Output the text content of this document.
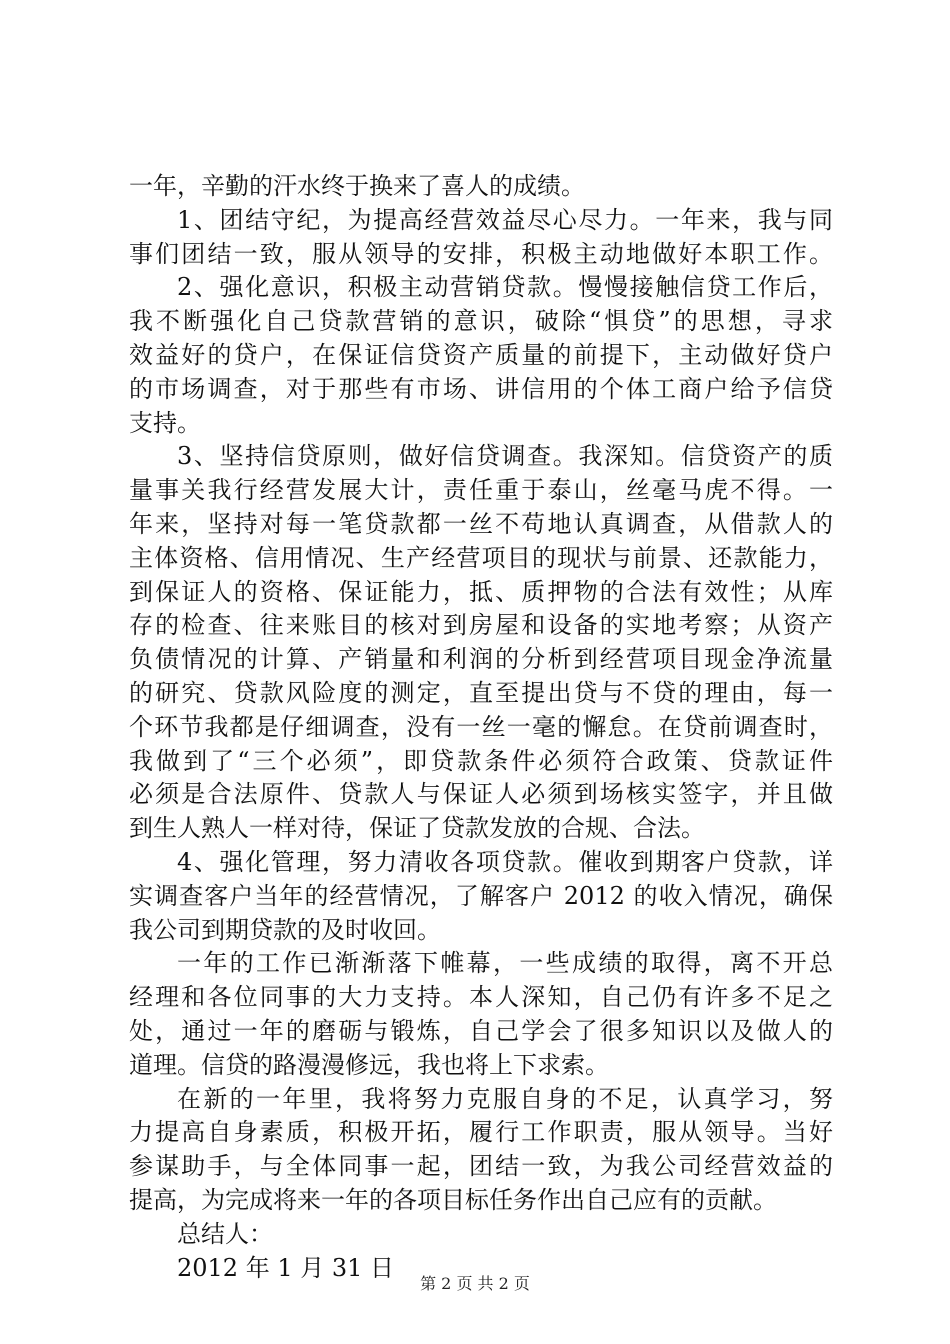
一年，辛勤的汗水终于换来了喜人的成绩。
1、团结守纪，为提高经营效益尽心尽力。一年来，我与同
事们团结一致，服从领导的安排，积极主动地做好本职工作。
2、强化意识，积极主动营销贷款。慢慢接触信贷工作后，
我不断强化自己贷款营销的意识，破除“惧贷”的思想，寻求
效益好的贷户，在保证信贷资产质量的前提下，主动做好贷户
的市场调查，对于那些有市场、讲信用的个体工商户给予信贷
支持。
3、坚持信贷原则，做好信贷调查。我深知。信贷资产的质
量事关我行经营发展大计，责任重于泰山，丝毫马虎不得。一
年来，坚持对每一笔贷款都一丝不苟地认真调查，从借款人的
主体资格、信用情况、生产经营项目的现状与前景、还款能力，
到保证人的资格、保证能力，抵、质押物的合法有效性；从库
存的检查、往来账目的核对到房屋和设备的实地考察；从资产
负债情况的计算、产销量和利润的分析到经营项目现金净流量
的研究、贷款风险度的测定，直至提出贷与不贷的理由，每一
个环节我都是仔细调查，没有一丝一毫的懈怠。在贷前调查时，
我做到了“三个必须”，即贷款条件必须符合政策、贷款证件
必须是合法原件、贷款人与保证人必须到场核实签字，并且做
到生人熟人一样对待，保证了贷款发放的合规、合法。
4、强化管理，努力清收各项贷款。催收到期客户贷款，详
实调查客户当年的经营情况，了解客户 2012 的收入情况，确保
我公司到期贷款的及时收回。
一年的工作已渐渐落下帷幕，一些成绩的取得，离不开总
经理和各位同事的大力支持。本人深知，自己仍有许多不足之
处，通过一年的磨砺与锻炼，自己学会了很多知识以及做人的
道理。信贷的路漫漫修远，我也将上下求索。
在新的一年里，我将努力克服自身的不足，认真学习，努
力提高自身素质，积极开拓，履行工作职责，服从领导。当好
参谋助手，与全体同事一起，团结一致，为我公司经营效益的
提高，为完成将来一年的各项目标任务作出自己应有的贡献。
总结人：
2012 年 1 月 31 日
第 2 页 共 2 页
